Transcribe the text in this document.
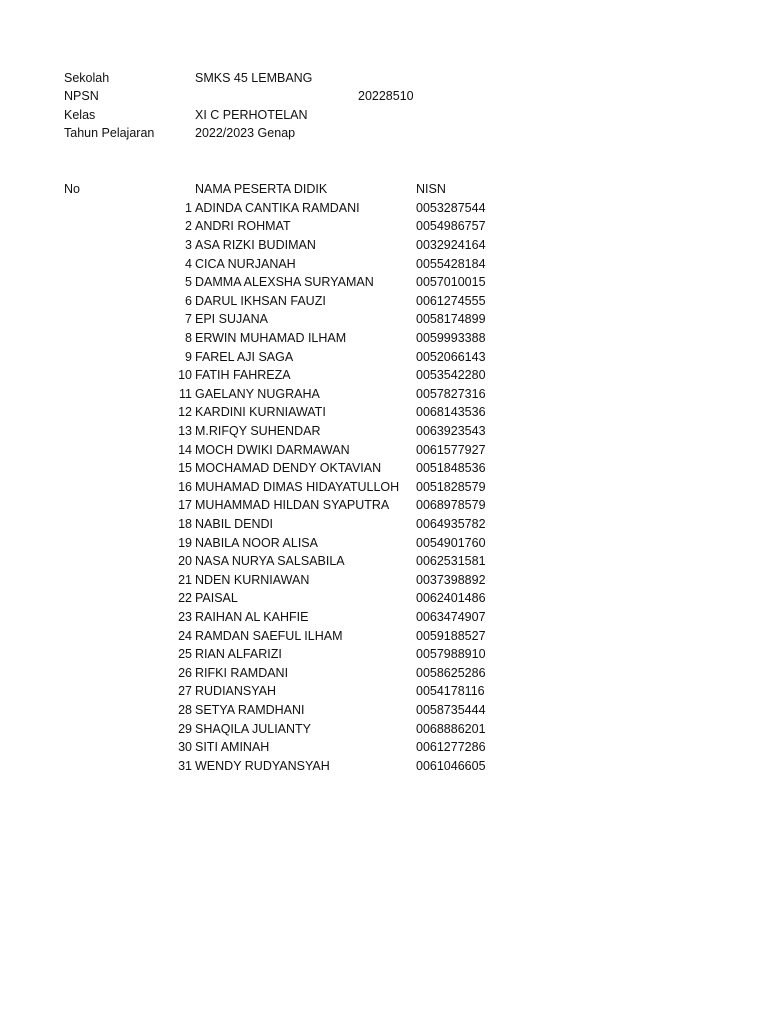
Sekolah	SMKS 45 LEMBANG
NPSN	20228510
Kelas	XI C PERHOTELAN
Tahun Pelajaran	2022/2023 Genap
No	NAMA PESERTA DIDIK	NISN
1 ADINDA CANTIKA RAMDANI	0053287544
2 ANDRI ROHMAT	0054986757
3 ASA RIZKI BUDIMAN	0032924164
4 CICA NURJANAH	0055428184
5 DAMMA ALEXSHA SURYAMAN	0057010015
6 DARUL IKHSAN FAUZI	0061274555
7 EPI SUJANA	0058174899
8 ERWIN MUHAMAD ILHAM	0059993388
9 FAREL AJI SAGA	0052066143
10 FATIH FAHREZA	0053542280
11 GAELANY NUGRAHA	0057827316
12 KARDINI KURNIAWATI	0068143536
13 M.RIFQY SUHENDAR	0063923543
14 MOCH DWIKI DARMAWAN	0061577927
15 MOCHAMAD DENDY OKTAVIAN	0051848536
16 MUHAMAD DIMAS HIDAYATULLOH 0051828579
17 MUHAMMAD HILDAN SYAPUTRA 0068978579
18 NABIL DENDI	0064935782
19 NABILA NOOR ALISA	0054901760
20 NASA NURYA SALSABILA	0062531581
21 NDEN KURNIAWAN	0037398892
22 PAISAL	0062401486
23 RAIHAN AL KAHFIE	0063474907
24 RAMDAN SAEFUL ILHAM	0059188527
25 RIAN ALFARIZI	0057988910
26 RIFKI RAMDANI	0058625286
27 RUDIANSYAH	0054178116
28 SETYA RAMDHANI	0058735444
29 SHAQILA JULIANTY	0068886201
30 SITI AMINAH	0061277286
31 WENDY RUDYANSYAH	0061046605
